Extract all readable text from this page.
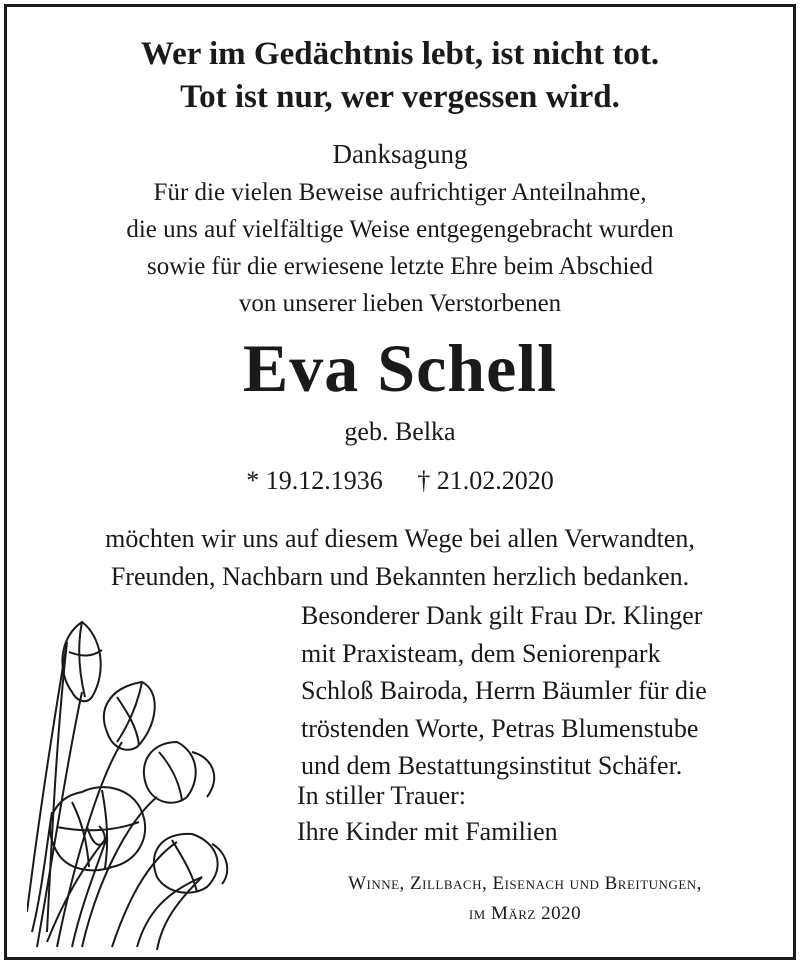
Wer im Gedächtnis lebt, ist nicht tot.
Tot ist nur, wer vergessen wird.
Danksagung
Für die vielen Beweise aufrichtiger Anteilnahme,
die uns auf vielfältige Weise entgegengebracht wurden
sowie für die erwiesene letzte Ehre beim Abschied
von unserer lieben Verstorbenen
Eva Schell
geb. Belka
* 19.12.1936 † 21.02.2020
möchten wir uns auf diesem Wege bei allen Verwandten,
Freunden, Nachbarn und Bekannten herzlich bedanken.
Besonderer Dank gilt Frau Dr. Klinger
mit Praxisteam, dem Seniorenpark
Schloß Bairoda, Herrn Bäumler für die
tröstenden Worte, Petras Blumenstube
und dem Bestattungsinstitut Schäfer.
In stiller Trauer:
Ihre Kinder mit Familien
Winne, Zillbach, Eisenach und Breitungen,
im März 2020
